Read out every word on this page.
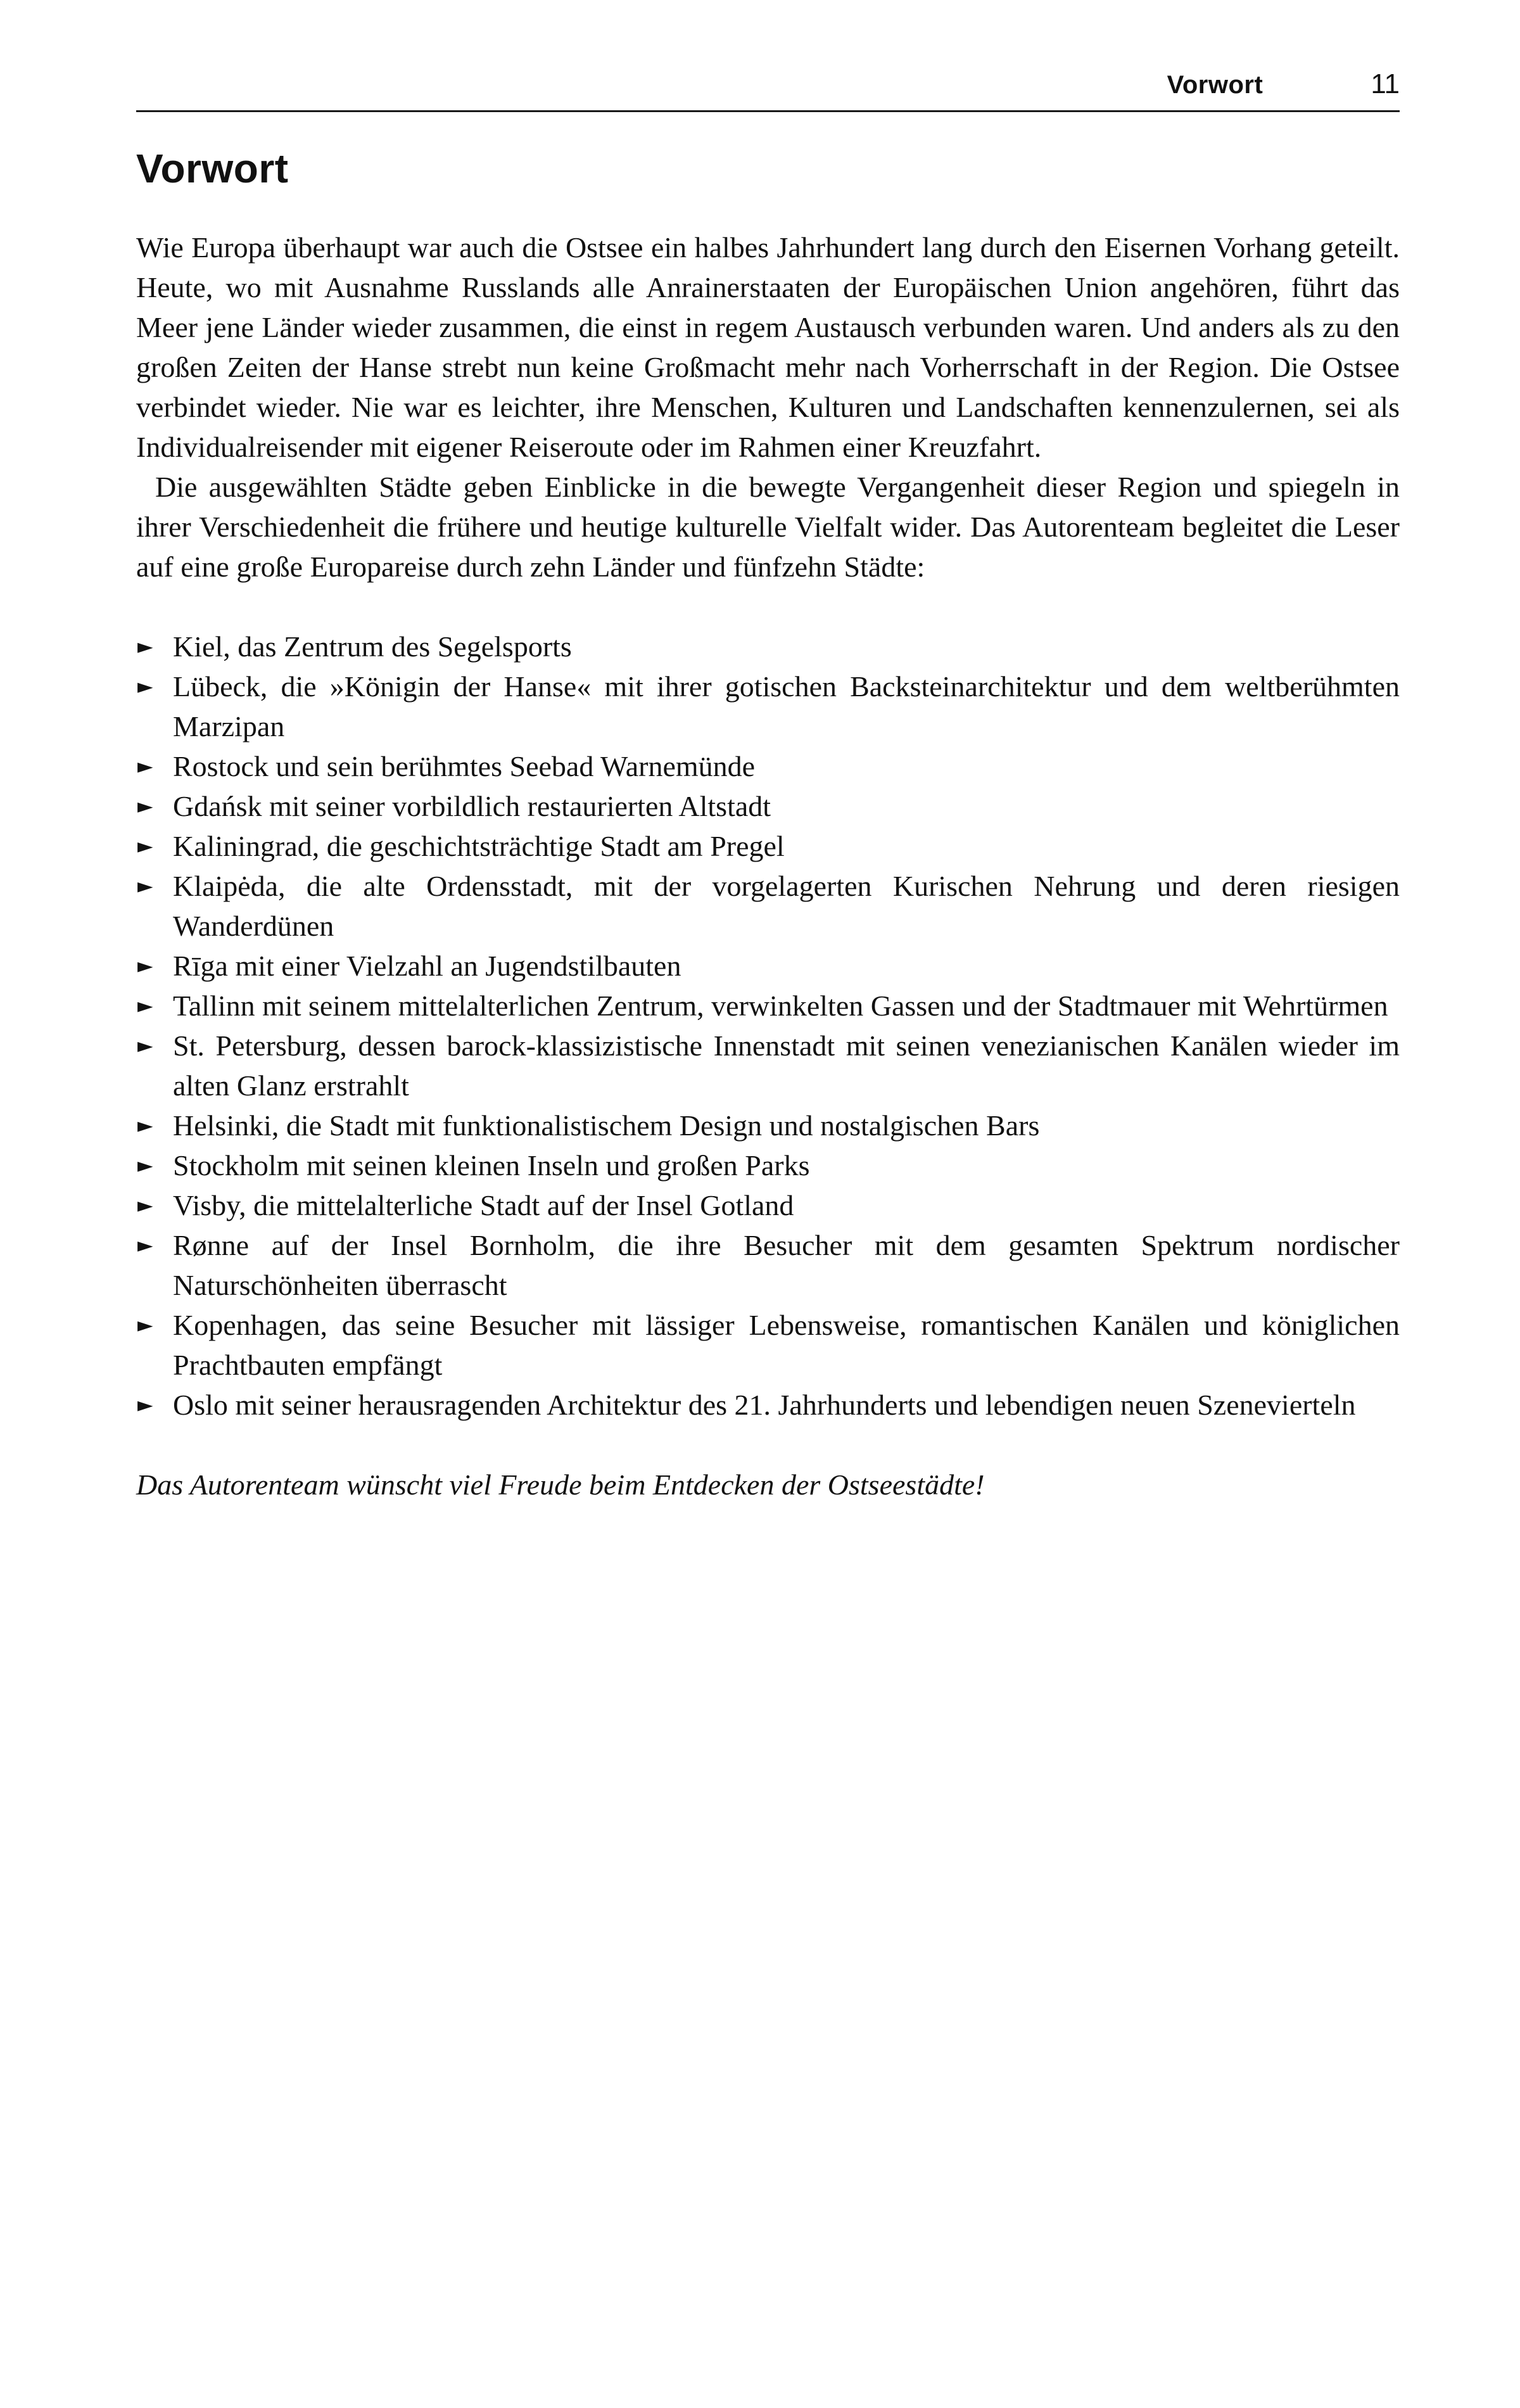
Vorwort	11
Vorwort

Wie Europa überhaupt war auch die Ostsee ein halbes Jahrhundert lang durch den Eisernen Vorhang geteilt. Heute, wo mit Ausnahme Russlands alle Anrainerstaaten der Europäischen Union angehören, führt das Meer jene Länder wieder zusammen, die einst in regem Austausch verbunden waren. Und anders als zu den großen Zeiten der Hanse strebt nun keine Großmacht mehr nach Vorherrschaft in der Region. Die Ostsee verbindet wieder. Nie war es leichter, ihre Menschen, Kulturen und Landschaften kennenzulernen, sei als Individualreisender mit eigener Reiseroute oder im Rahmen einer Kreuzfahrt.

Die ausgewählten Städte geben Einblicke in die bewegte Vergangenheit dieser Region und spiegeln in ihrer Verschiedenheit die frühere und heutige kulturelle Vielfalt wider. Das Autorenteam begleitet die Leser auf eine große Europareise durch zehn Länder und fünfzehn Städte:

► Kiel, das Zentrum des Segelsports
► Lübeck, die »Königin der Hanse« mit ihrer gotischen Backsteinarchitektur und dem weltberühmten Marzipan
► Rostock und sein berühmtes Seebad Warnemünde
► Gdańsk mit seiner vorbildlich restaurierten Altstadt
► Kaliningrad, die geschichtsträchtige Stadt am Pregel
► Klaipėda, die alte Ordensstadt, mit der vorgelagerten Kurischen Nehrung und deren riesigen Wanderdünen
► Rīga mit einer Vielzahl an Jugendstilbauten
► Tallinn mit seinem mittelalterlichen Zentrum, verwinkelten Gassen und der Stadtmauer mit Wehrtürmen
► St. Petersburg, dessen barock-klassizistische Innenstadt mit seinen venezianischen Kanälen wieder im alten Glanz erstrahlt
► Helsinki, die Stadt mit funktionalistischem Design und nostalgischen Bars
► Stockholm mit seinen kleinen Inseln und großen Parks
► Visby, die mittelalterliche Stadt auf der Insel Gotland
► Rønne auf der Insel Bornholm, die ihre Besucher mit dem gesamten Spektrum nordischer Naturschönheiten überrascht
► Kopenhagen, das seine Besucher mit lässiger Lebensweise, romantischen Kanälen und königlichen Prachtbauten empfängt
► Oslo mit seiner herausragenden Architektur des 21. Jahrhunderts und lebendigen neuen Szenevierteln

Das Autorenteam wünscht viel Freude beim Entdecken der Ostseestädte!
